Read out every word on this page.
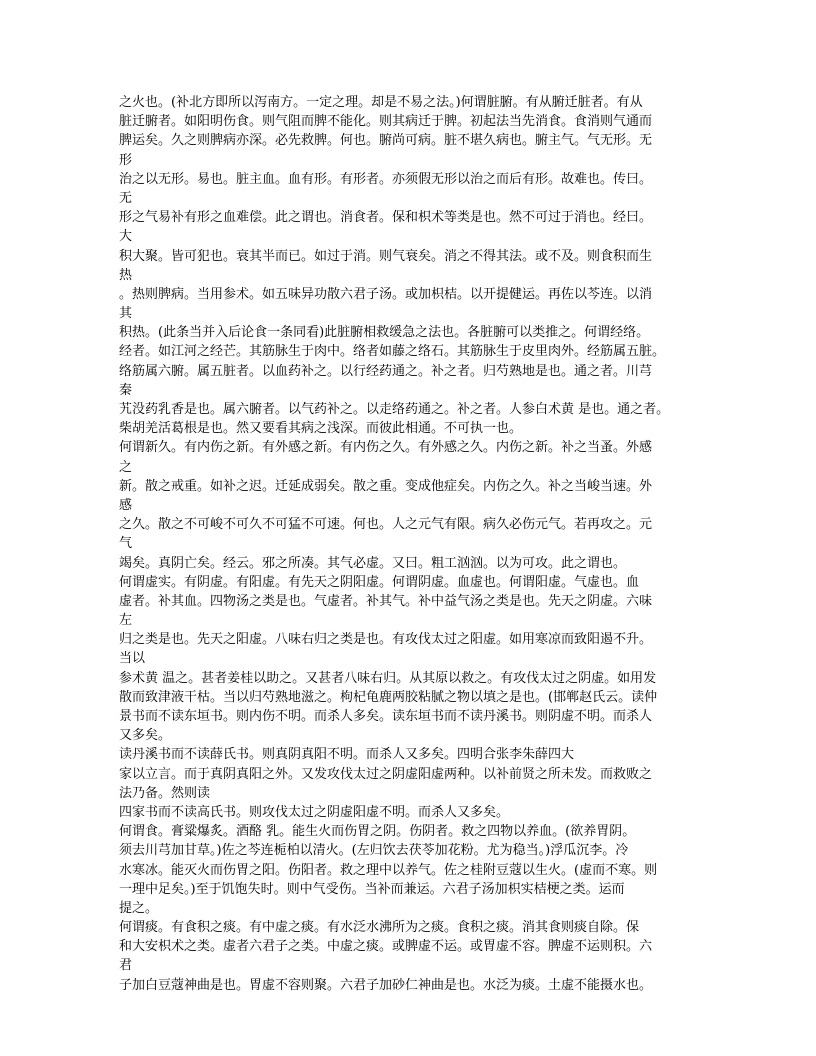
之火也。(补北方即所以泻南方。一定之理。却是不易之法。)何谓脏腑。有从腑迁脏者。有从
脏迁腑者。如阳明伤食。则气阻而脾不能化。则其病迁于脾。初起法当先消食。食消则气通而
脾运矣。久之则脾病亦深。必先救脾。何也。腑尚可病。脏不堪久病也。腑主气。气无形。无
形
治之以无形。易也。脏主血。血有形。有形者。亦须假无形以治之而后有形。故难也。传曰。
无
形之气易补有形之血难偿。此之谓也。消食者。保和枳术等类是也。然不可过于消也。经曰。
大
积大聚。皆可犯也。衰其半而已。如过于消。则气衰矣。消之不得其法。或不及。则食积而生
热
。热则脾病。当用参术。如五味异功散六君子汤。或加枳桔。以开提健运。再佐以芩连。以消
其
积热。(此条当并入后论食一条同看)此脏腑相救缓急之法也。各脏腑可以类推之。何谓经络。
经者。如江河之经芒。其筋脉生于肉中。络者如藤之络石。其筋脉生于皮里肉外。经筋属五脏。
络筋属六腑。属五脏者。以血药补之。以行经药通之。补之者。归芍熟地是也。通之者。川芎
秦
艽没药乳香是也。属六腑者。以气药补之。以走络药通之。补之者。人参白术黄 是也。通之者。
柴胡羌活葛根是也。然又要看其病之浅深。而彼此相通。不可执一也。
何谓新久。有内伤之新。有外感之新。有内伤之久。有外感之久。内伤之新。补之当蚤。外感
之
新。散之戒重。如补之迟。迁延成弱矣。散之重。变成他症矣。内伤之久。补之当峻当速。外
感
之久。散之不可峻不可久不可猛不可速。何也。人之元气有限。病久必伤元气。若再攻之。元
气
竭矣。真阴亡矣。经云。邪之所凑。其气必虚。又曰。粗工汹汹。以为可攻。此之谓也。
何谓虚实。有阴虚。有阳虚。有先天之阴阳虚。何谓阴虚。血虚也。何谓阳虚。气虚也。血
虚者。补其血。四物汤之类是也。气虚者。补其气。补中益气汤之类是也。先天之阴虚。六味
左
归之类是也。先天之阳虚。八味右归之类是也。有攻伐太过之阳虚。如用寒凉而致阳遏不升。
当以
参术黄 温之。甚者姜桂以助之。又甚者八味右归。从其原以救之。有攻伐太过之阴虚。如用发
散而致津液干枯。当以归芍熟地滋之。枸杞龟鹿两胶粘腻之物以填之是也。(邯郸赵氏云。读仲
景书而不读东垣书。则内伤不明。而杀人多矣。读东垣书而不读丹溪书。则阴虚不明。而杀人
又多矣。
读丹溪书而不读薛氏书。则真阴真阳不明。而杀人又多矣。四明合张李朱薛四大
家以立言。而于真阴真阳之外。又发攻伐太过之阴虚阳虚两种。以补前贤之所未发。而救败之
法乃备。然则读
四家书而不读高氏书。则攻伐太过之阴虚阳虚不明。而杀人又多矣。
何谓食。膏粱爆炙。酒酪 乳。能生火而伤胃之阴。伤阴者。救之四物以养血。(欲养胃阴。
须去川芎加甘草。)佐之芩连栀柏以清火。(左归饮去茯苓加花粉。尤为稳当。)浮瓜沉李。冷
水寒冰。能灭火而伤胃之阳。伤阳者。救之理中以养气。佐之桂附豆蔻以生火。(虚而不寒。则
一理中足矣。)至于饥饱失时。则中气受伤。当补而兼运。六君子汤加枳实桔梗之类。运而
提之。
何谓痰。有食积之痰。有中虚之痰。有水泛水沸所为之痰。食积之痰。消其食则痰自除。保
和大安枳术之类。虚者六君子之类。中虚之痰。或脾虚不运。或胃虚不容。脾虚不运则积。六
君
子加白豆蔻神曲是也。胃虚不容则聚。六君子加砂仁神曲是也。水泛为痰。土虚不能摄水也。
